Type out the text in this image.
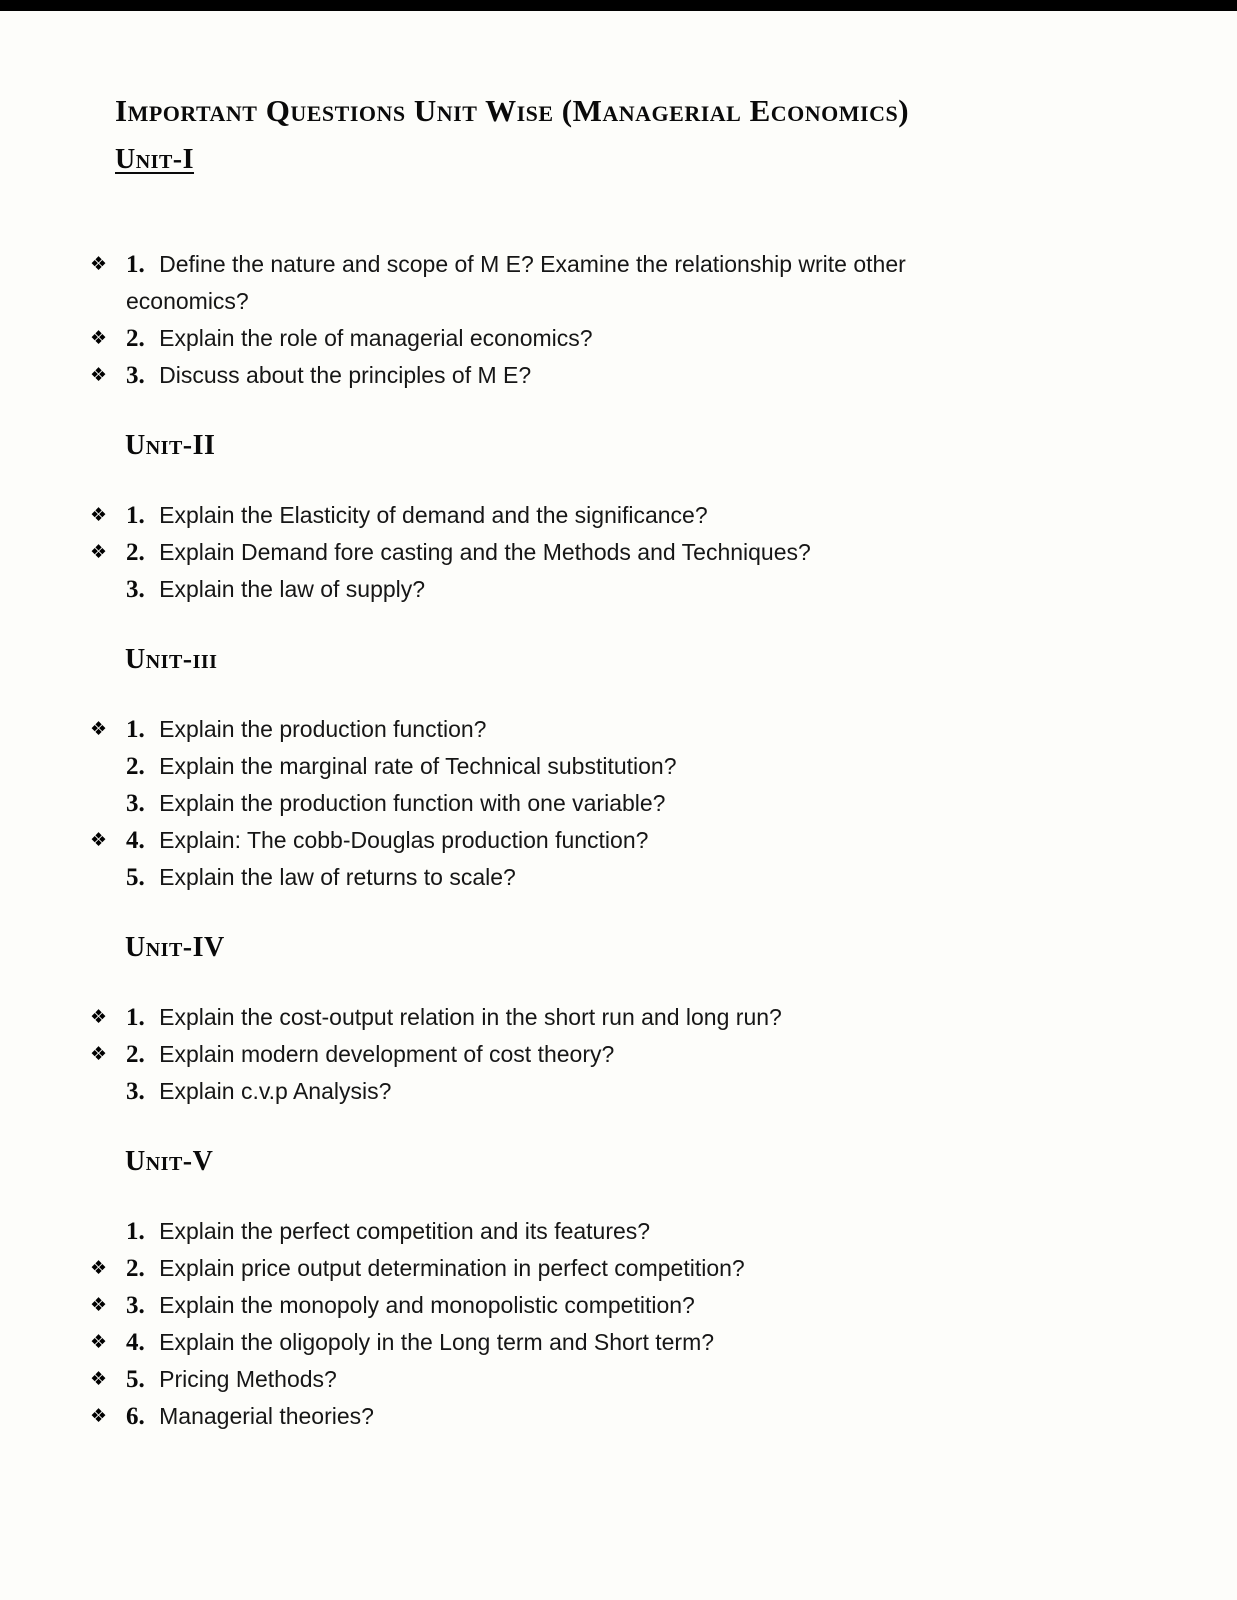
Important Questions Unit Wise (Managerial Economics)
Unit-I
❖ 1. Define the nature and scope of M E? Examine the relationship write other economics?
❖ 2. Explain the role of managerial economics?
❖ 3. Discuss about the principles of M E?
Unit-II
❖ 1. Explain the Elasticity of demand and the significance?
❖ 2. Explain Demand fore casting and the Methods and Techniques?
3. Explain the law of supply?
Unit-iii
❖ 1. Explain the production function?
2. Explain the marginal rate of Technical substitution?
3. Explain the production function with one variable?
❖ 4. Explain: The cobb-Douglas production function?
5. Explain the law of returns to scale?
Unit-IV
❖ 1. Explain the cost-output relation in the short run and long run?
❖ 2. Explain modern development of cost theory?
3. Explain c.v.p Analysis?
Unit-V
1. Explain the perfect competition and its features?
❖ 2. Explain price output determination in perfect competition?
❖ 3. Explain the monopoly and monopolistic competition?
❖ 4. Explain the oligopoly in the Long term and Short term?
❖ 5. Pricing Methods?
❖ 6. Managerial theories?
